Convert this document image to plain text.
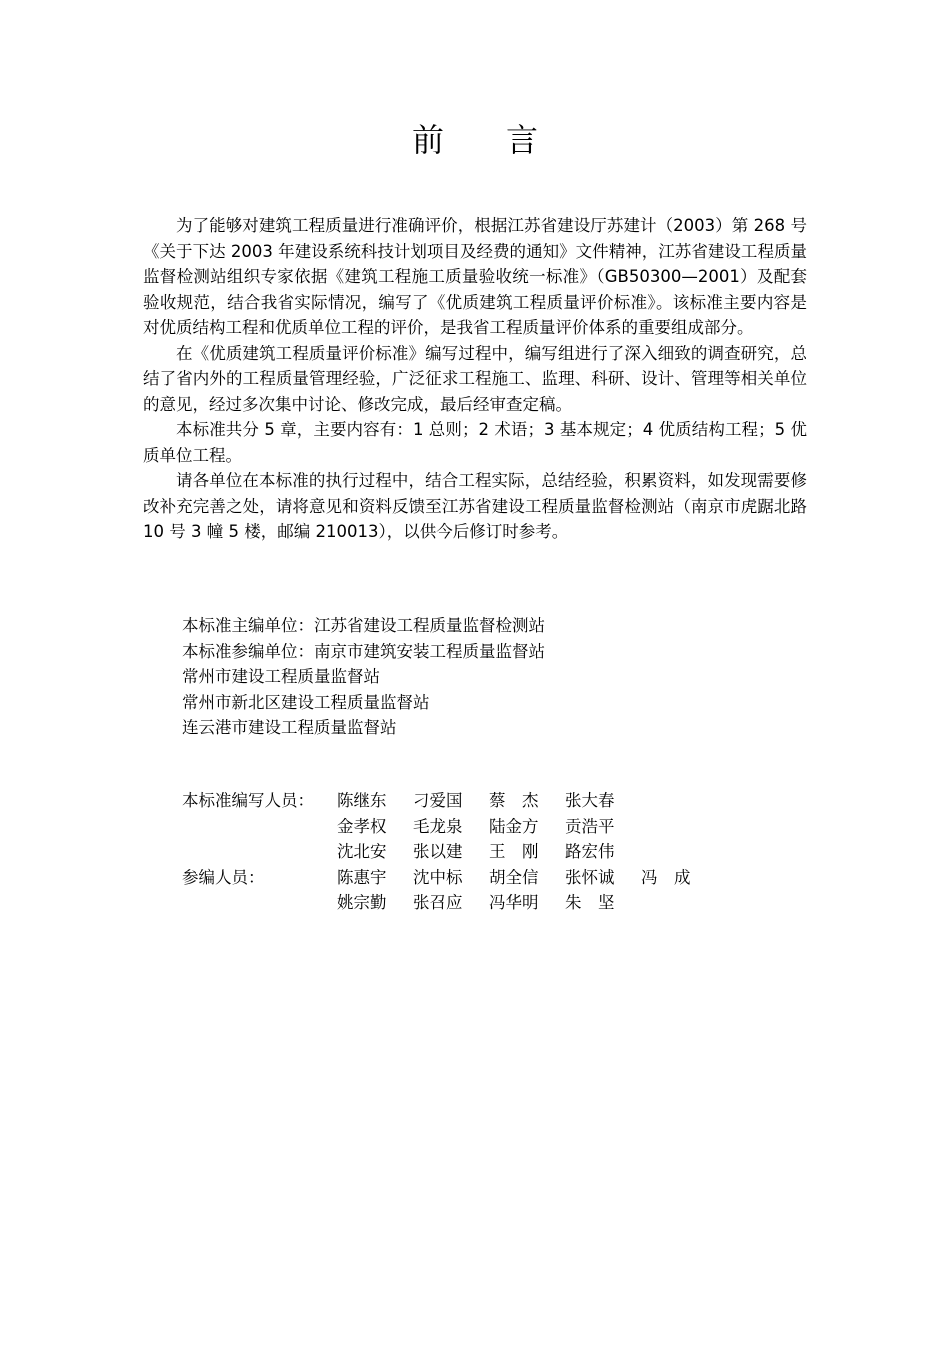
前 言

为了能够对建筑工程质量进行准确评价，根据江苏省建设厅苏建计（2003）第 268 号《关于下达 2003 年建设系统科技计划项目及经费的通知》文件精神，江苏省建设工程质量监督检测站组织专家依据《建筑工程施工质量验收统一标准》（GB50300—2001）及配套验收规范，结合我省实际情况，编写了《优质建筑工程质量评价标准》。该标准主要内容是对优质结构工程和优质单位工程的评价，是我省工程质量评价体系的重要组成部分。

在《优质建筑工程质量评价标准》编写过程中，编写组进行了深入细致的调查研究，总结了省内外的工程质量管理经验，广泛征求工程施工、监理、科研、设计、管理等相关单位的意见，经过多次集中讨论、修改完成，最后经审查定稿。

本标准共分 5 章，主要内容有：1 总则；2 术语；3 基本规定；4 优质结构工程；5 优质单位工程。

请各单位在本标准的执行过程中，结合工程实际，总结经验，积累资料，如发现需要修改补充完善之处，请将意见和资料反馈至江苏省建设工程质量监督检测站（南京市虎踞北路 10 号 3 幢 5 楼，邮编 210013），以供今后修订时参考。

本标准主编单位：江苏省建设工程质量监督检测站
本标准参编单位：南京市建筑安装工程质量监督站
常州市建设工程质量监督站
常州市新北区建设工程质量监督站
连云港市建设工程质量监督站
本标准编写人员：	陈继东	刁爱国	蔡　杰	张大春
金孝权	毛龙泉	陆金方	贡浩平
沈北安	张以建	王　刚	路宏伟
参编人员：	陈惠宇	沈中标	胡全信	张怀诚	冯　成
姚宗勤	张召应	冯华明	朱　坚
